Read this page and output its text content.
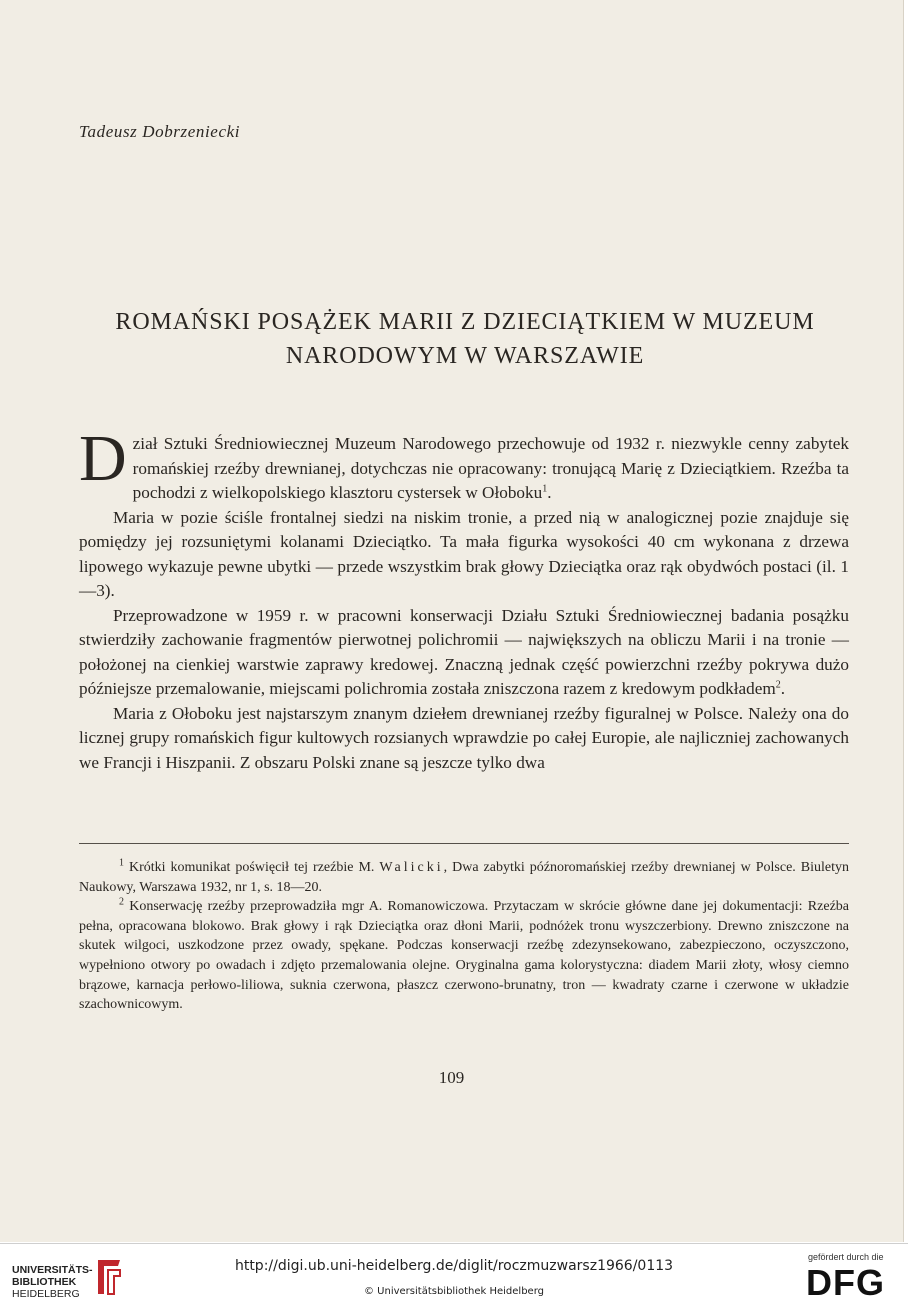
Tadeusz Dobrzeniecki
ROMAŃSKI POSĄŻEK MARII Z DZIECIĄTKIEM W MUZEUM
NARODOWYM W WARSZAWIE

Dział Sztuki Średniowiecznej Muzeum Narodowego przechowuje od 1932 r. niezwykle cenny zabytek romańskiej rzeźby drewnianej, dotychczas nie opracowany: tronującą Marię z Dzieciątkiem. Rzeźba ta pochodzi z wielkopolskiego klasztoru cystersek w Ołoboku$^1$.

Maria w pozie ściśle frontalnej siedzi na niskim tronie, a przed nią w analogicznej pozie znajduje się pomiędzy jej rozsuniętymi kolanami Dzieciątko. Ta mała figurka wysokości 40 cm wykonana z drzewa lipowego wykazuje pewne ubytki — przede wszystkim brak głowy Dzieciątka oraz rąk obydwóch postaci (il. 1—3).

Przeprowadzone w 1959 r. w pracowni konserwacji Działu Sztuki Średniowiecznej badania posążku stwierdziły zachowanie fragmentów pierwotnej polichromii — największych na obliczu Marii i na tronie — położonej na cienkiej warstwie zaprawy kredowej. Znaczną jednak część powierzchni rzeźby pokrywa dużo późniejsze przemalowanie, miejscami polichromia została zniszczona razem z kredowym podkładem$^2$.

Maria z Ołoboku jest najstarszym znanym dziełem drewnianej rzeźby figuralnej w Polsce. Należy ona do licznej grupy romańskich figur kultowych rozsianych wprawdzie po całej Europie, ale najliczniej zachowanych we Francji i Hiszpanii. Z obszaru Polski znane są jeszcze tylko dwa

$^1$ Krótki komunikat poświęcił tej rzeźbie M. Walicki, Dwa zabytki późnoromańskiej rzeźby drewnianej w Polsce. Biuletyn Naukowy, Warszawa 1932, nr 1, s. 18—20.

$^2$ Konserwację rzeźby przeprowadziła mgr A. Romanowiczowa. Przytaczam w skrócie główne dane jej dokumentacji: Rzeźba pełna, opracowana blokowo. Brak głowy i rąk Dzieciątka oraz dłoni Marii, podnóżek tronu wyszczerbiony. Drewno zniszczone na skutek wilgoci, uszkodzone przez owady, spękane. Podczas konserwacji rzeźbę zdezynsekowano, zabezpieczono, oczyszczono, wypełniono otwory po owadach i zdjęto przemalowania olejne. Oryginalna gama kolorystyczna: diadem Marii złoty, włosy ciemno brązowe, karnacja perłowo-liliowa, suknia czerwona, płaszcz czerwono-brunatny, tron — kwadraty czarne i czerwone w układzie szachownicowym.

109
UNIVERSITÄTS-
BIBLIOTHEK
HEIDELBERG
http://digi.ub.uni-heidelberg.de/diglit/roczmuzwarsz1966/0113
© Universitätsbibliothek Heidelberg
gefördert durch die
DFG
